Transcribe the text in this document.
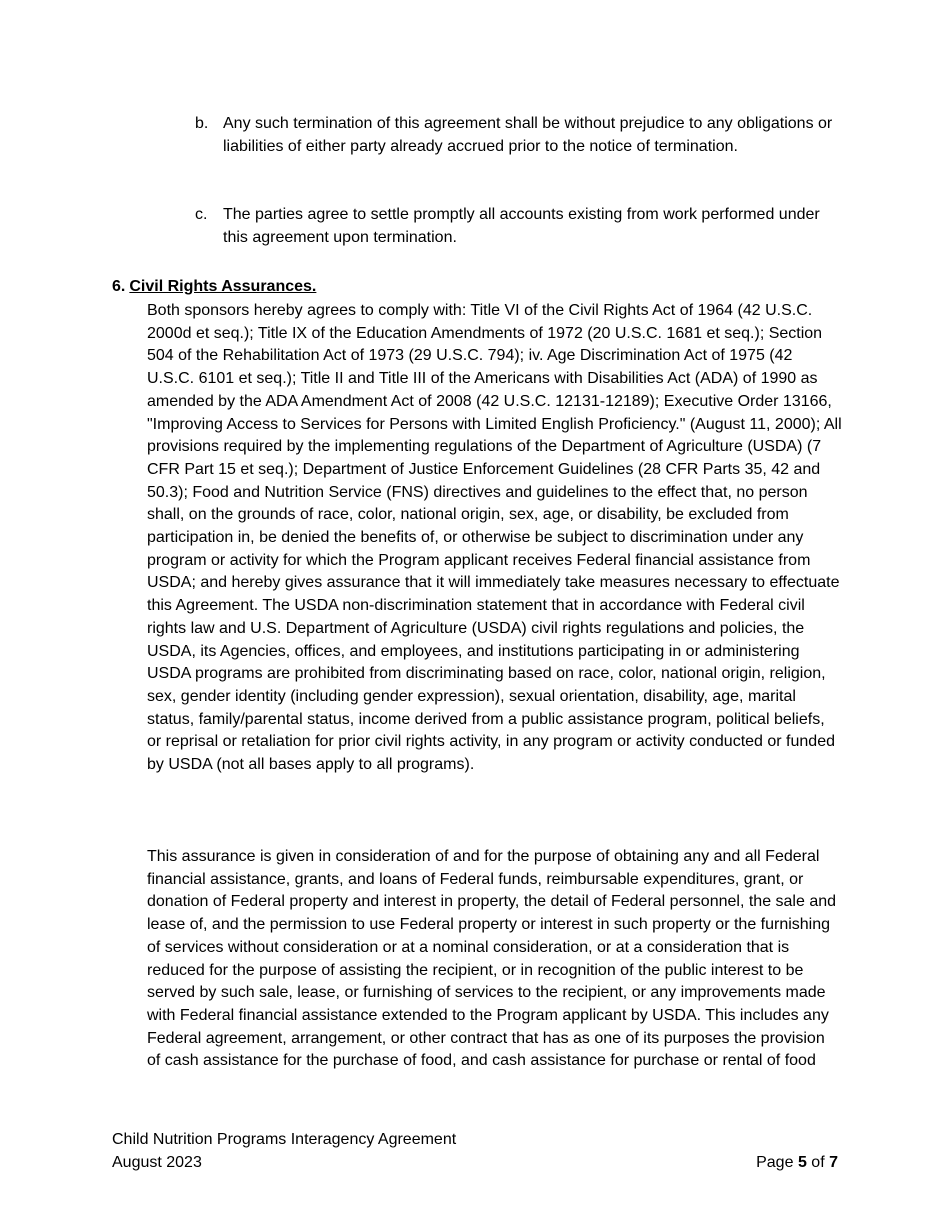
b. Any such termination of this agreement shall be without prejudice to any obligations or liabilities of either party already accrued prior to the notice of termination.
c. The parties agree to settle promptly all accounts existing from work performed under this agreement upon termination.
6. Civil Rights Assurances.

Both sponsors hereby agrees to comply with: Title VI of the Civil Rights Act of 1964 (42 U.S.C. 2000d et seq.); Title IX of the Education Amendments of 1972 (20 U.S.C. 1681 et seq.); Section 504 of the Rehabilitation Act of 1973 (29 U.S.C. 794); iv. Age Discrimination Act of 1975 (42 U.S.C. 6101 et seq.); Title II and Title III of the Americans with Disabilities Act (ADA) of 1990 as amended by the ADA Amendment Act of 2008 (42 U.S.C. 12131-12189); Executive Order 13166, "Improving Access to Services for Persons with Limited English Proficiency." (August 11, 2000); All provisions required by the implementing regulations of the Department of Agriculture (USDA) (7 CFR Part 15 et seq.); Department of Justice Enforcement Guidelines (28 CFR Parts 35, 42 and 50.3); Food and Nutrition Service (FNS) directives and guidelines to the effect that, no person shall, on the grounds of race, color, national origin, sex, age, or disability, be excluded from participation in, be denied the benefits of, or otherwise be subject to discrimination under any program or activity for which the Program applicant receives Federal financial assistance from USDA; and hereby gives assurance that it will immediately take measures necessary to effectuate this Agreement. The USDA non-discrimination statement that in accordance with Federal civil rights law and U.S. Department of Agriculture (USDA) civil rights regulations and policies, the USDA, its Agencies, offices, and employees, and institutions participating in or administering USDA programs are prohibited from discriminating based on race, color, national origin, religion, sex, gender identity (including gender expression), sexual orientation, disability, age, marital status, family/parental status, income derived from a public assistance program, political beliefs, or reprisal or retaliation for prior civil rights activity, in any program or activity conducted or funded by USDA (not all bases apply to all programs).

This assurance is given in consideration of and for the purpose of obtaining any and all Federal financial assistance, grants, and loans of Federal funds, reimbursable expenditures, grant, or donation of Federal property and interest in property, the detail of Federal personnel, the sale and lease of, and the permission to use Federal property or interest in such property or the furnishing of services without consideration or at a nominal consideration, or at a consideration that is reduced for the purpose of assisting the recipient, or in recognition of the public interest to be served by such sale, lease, or furnishing of services to the recipient, or any improvements made with Federal financial assistance extended to the Program applicant by USDA. This includes any Federal agreement, arrangement, or other contract that has as one of its purposes the provision of cash assistance for the purchase of food, and cash assistance for purchase or rental of food

Child Nutrition Programs Interagency Agreement
August 2023	Page 5 of 7
